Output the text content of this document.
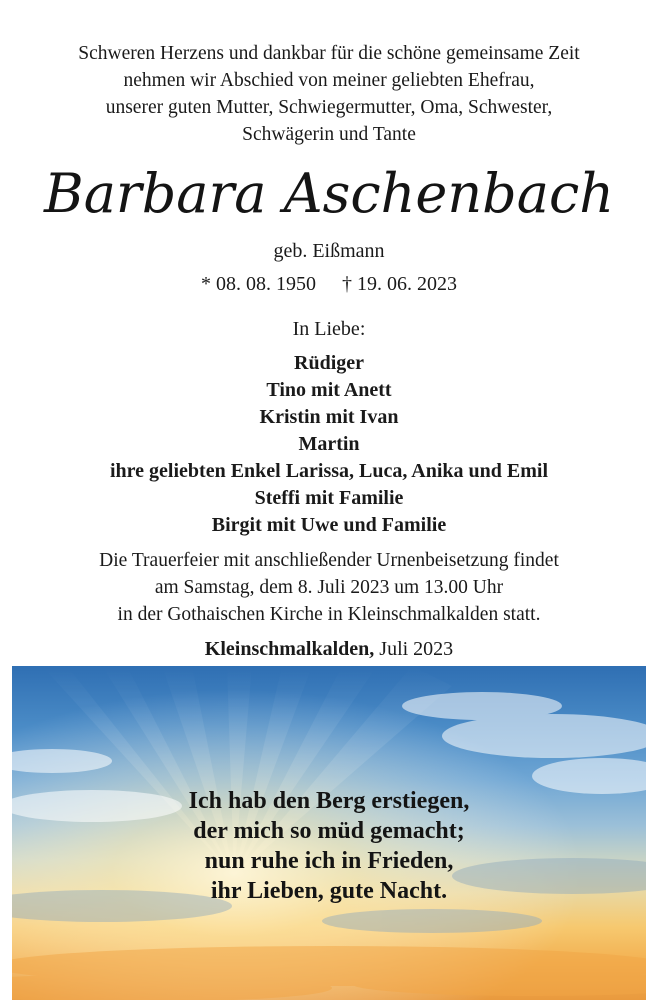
Schweren Herzens und dankbar für die schöne gemeinsame Zeit
nehmen wir Abschied von meiner geliebten Ehefrau,
unserer guten Mutter, Schwiegermutter, Oma, Schwester,
Schwägerin und Tante
Barbara Aschenbach
geb. Eißmann
* 08. 08. 1950 † 19. 06. 2023
In Liebe:
Rüdiger
Tino mit Anett
Kristin mit Ivan
Martin
ihre geliebten Enkel Larissa, Luca, Anika und Emil
Steffi mit Familie
Birgit mit Uwe und Familie
Die Trauerfeier mit anschließender Urnenbeisetzung findet
am Samstag, dem 8. Juli 2023 um 13.00 Uhr
in der Gothaischen Kirche in Kleinschmalkalden statt.
Kleinschmalkalden, Juli 2023
Ich hab den Berg erstiegen,
der mich so müd gemacht;
nun ruhe ich in Frieden,
ihr Lieben, gute Nacht.
